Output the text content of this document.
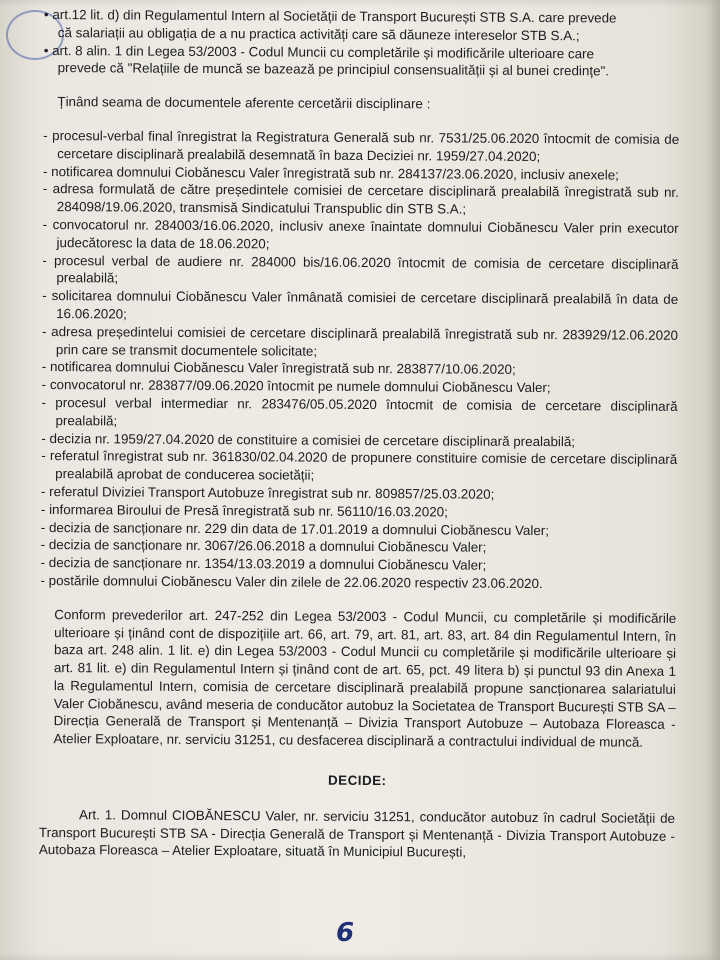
• art.12 lit. d) din Regulamentul Intern al Societății de Transport București STB S.A. care prevede

că salariații au obligația de a nu practica activități care să dăuneze intereselor STB S.A.;

• art. 8 alin. 1 din Legea 53/2003 - Codul Muncii cu completările și modificările ulterioare care

prevede că "Relațiile de muncă se bazează pe principiul consensualității și al bunei credințe".

Ținând seama de documentele aferente cercetării disciplinare :

- procesul-verbal final înregistrat la Registratura Generală sub nr. 7531/25.06.2020 întocmit de comisia de cercetare disciplinară prealabilă desemnată în baza Deciziei nr. 1959/27.04.2020;
- notificarea domnului Ciobănescu Valer înregistrată sub nr. 284137/23.06.2020, inclusiv anexele;
- adresa formulată de către președintele comisiei de cercetare disciplinară prealabilă înregistrată sub nr. 284098/19.06.2020, transmisă Sindicatului Transpublic din STB S.A.;
- convocatorul nr. 284003/16.06.2020, inclusiv anexe înaintate domnului Ciobănescu Valer prin executor judecătoresc la data de 18.06.2020;
- procesul verbal de audiere nr. 284000 bis/16.06.2020 întocmit de comisia de cercetare disciplinară prealabilă;
- solicitarea domnului Ciobănescu Valer înmânată comisiei de cercetare disciplinară prealabilă în data de 16.06.2020;
- adresa președintelui comisiei de cercetare disciplinară prealabilă înregistrată sub nr. 283929/12.06.2020 prin care se transmit documentele solicitate;
- notificarea domnului Ciobănescu Valer înregistrată sub nr. 283877/10.06.2020;
- convocatorul nr. 283877/09.06.2020 întocmit pe numele domnului Ciobănescu Valer;
- procesul verbal intermediar nr. 283476/05.05.2020 întocmit de comisia de cercetare disciplinară prealabilă;
- decizia nr. 1959/27.04.2020 de constituire a comisiei de cercetare disciplinară prealabilă;
- referatul înregistrat sub nr. 361830/02.04.2020 de propunere constituire comisie de cercetare disciplinară prealabilă aprobat de conducerea societății;
- referatul Diviziei Transport Autobuze înregistrat sub nr. 809857/25.03.2020;
- informarea Biroului de Presă înregistrată sub nr. 56110/16.03.2020;
- decizia de sancționare nr. 229 din data de 17.01.2019 a domnului Ciobănescu Valer;
- decizia de sancționare nr. 3067/26.06.2018 a domnului Ciobănescu Valer;
- decizia de sancționare nr. 1354/13.03.2019 a domnului Ciobănescu Valer;
- postările domnului Ciobănescu Valer din zilele de 22.06.2020 respectiv 23.06.2020.

Conform prevederilor art. 247-252 din Legea 53/2003 - Codul Muncii, cu completările și modificările ulterioare și ținând cont de dispozițiile art. 66, art. 79, art. 81, art. 83, art. 84 din Regulamentul Intern, în baza art. 248 alin. 1 lit. e) din Legea 53/2003 - Codul Muncii cu completările și modificările ulterioare și art. 81 lit. e) din Regulamentul Intern și ținând cont de art. 65, pct. 49 litera b) și punctul 93 din Anexa 1 la Regulamentul Intern, comisia de cercetare disciplinară prealabilă propune sancționarea salariatului Valer Ciobănescu, având meseria de conducător autobuz la Societatea de Transport București STB SA – Direcția Generală de Transport și Mentenanță – Divizia Transport Autobuze – Autobaza Floreasca - Atelier Exploatare, nr. serviciu 31251, cu desfacerea disciplinară a contractului individual de muncă.

DECIDE:

Art. 1. Domnul CIOBĂNESCU Valer, nr. serviciu 31251, conducător autobuz în cadrul Societății de Transport București STB SA - Direcția Generală de Transport și Mentenanță - Divizia Transport Autobuze - Autobaza Floreasca – Atelier Exploatare, situată în Municipiul București,

6
